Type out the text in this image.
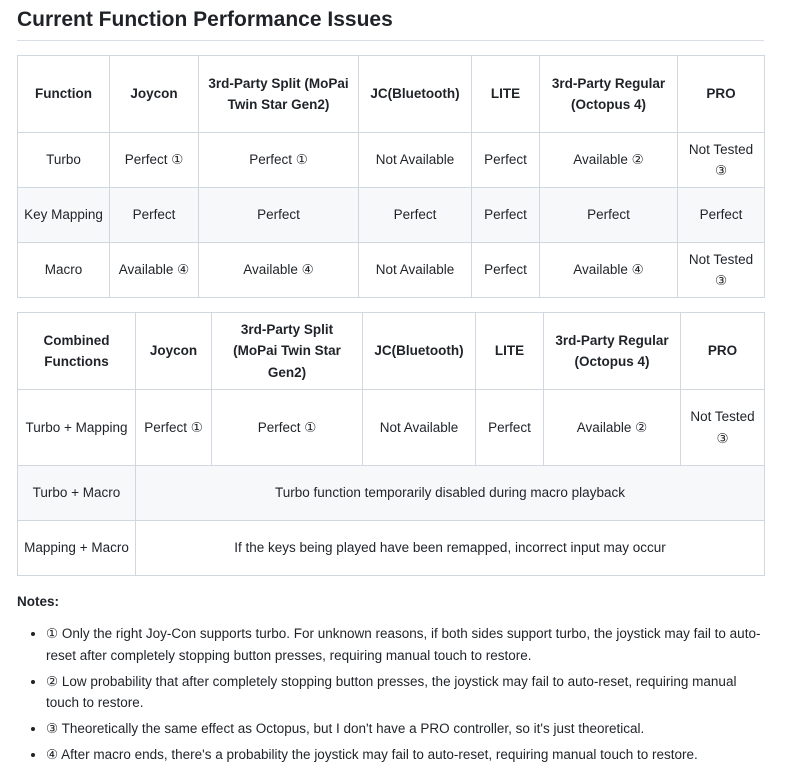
Current Function Performance Issues
Function	Joycon	3rd-Party Split (MoPai Twin Star Gen2)	JC(Bluetooth)	LITE	3rd-Party Regular (Octopus 4)	PRO
Turbo	Perfect ①	Perfect ①	Not Available	Perfect	Available ②	Not Tested ③
Key Mapping	Perfect	Perfect	Perfect	Perfect	Perfect	Perfect
Macro	Available ④	Available ④	Not Available	Perfect	Available ④	Not Tested ③
Combined Functions	Joycon	3rd-Party Split (MoPai Twin Star Gen2)	JC(Bluetooth)	LITE	3rd-Party Regular (Octopus 4)	PRO
Turbo + Mapping	Perfect ①	Perfect ①	Not Available	Perfect	Available ②	Not Tested ③
Turbo + Macro	Turbo function temporarily disabled during macro playback					
Mapping + Macro	If the keys being played have been remapped, incorrect input may occur					
Notes:
• ① Only the right Joy-Con supports turbo. For unknown reasons, if both sides support turbo, the joystick may fail to auto-reset after completely stopping button presses, requiring manual touch to restore.
• ② Low probability that after completely stopping button presses, the joystick may fail to auto-reset, requiring manual touch to restore.
• ③ Theoretically the same effect as Octopus, but I don't have a PRO controller, so it's just theoretical.
• ④ After macro ends, there's a probability the joystick may fail to auto-reset, requiring manual touch to restore.
